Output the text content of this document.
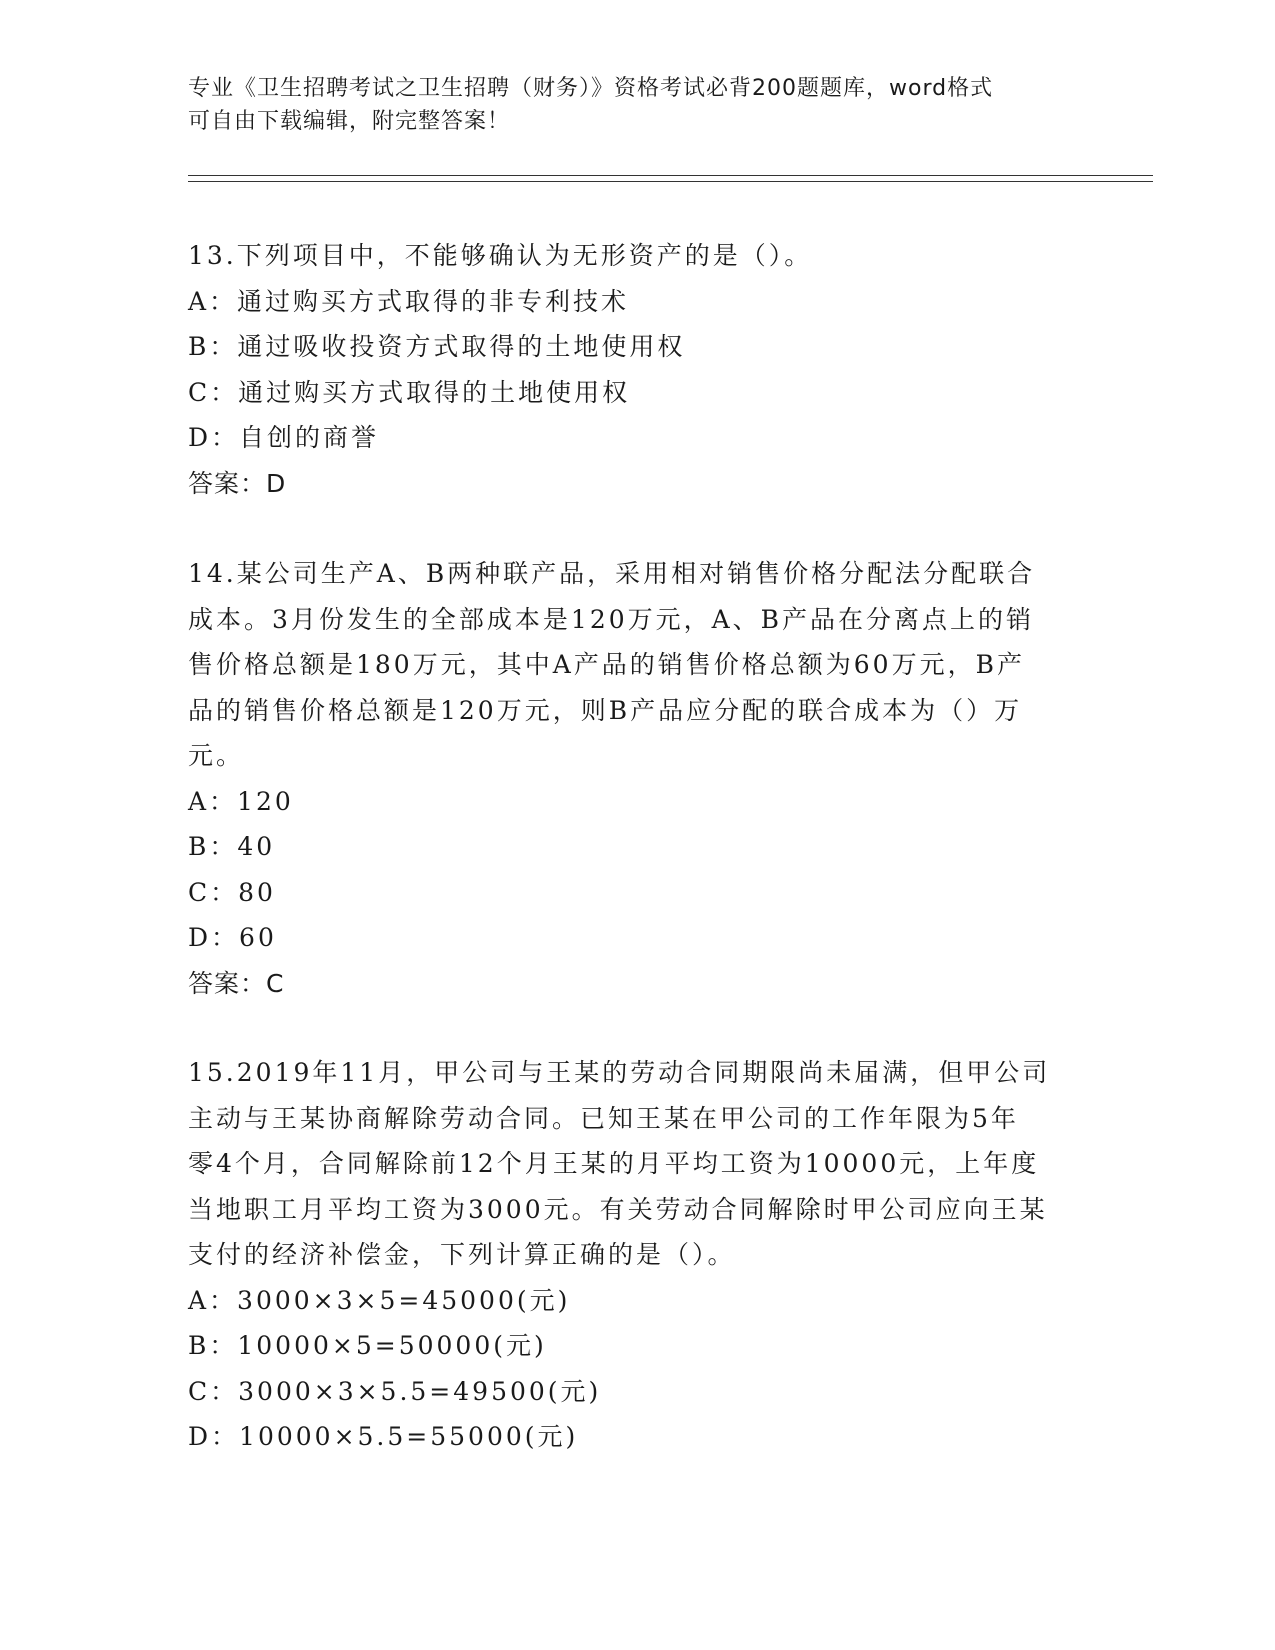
专业《卫生招聘考试之卫生招聘（财务）》资格考试必背200题题库，word格式
可自由下载编辑，附完整答案！
13.下列项目中，不能够确认为无形资产的是（）。
A：通过购买方式取得的非专利技术
B：通过吸收投资方式取得的土地使用权
C：通过购买方式取得的土地使用权
D：自创的商誉
答案：D
14.某公司生产A、B两种联产品，采用相对销售价格分配法分配联合
成本。3月份发生的全部成本是120万元，A、B产品在分离点上的销
售价格总额是180万元，其中A产品的销售价格总额为60万元，B产
品的销售价格总额是120万元，则B产品应分配的联合成本为（）万
元。
A：120
B：40
C：80
D：60
答案：C
15.2019年11月，甲公司与王某的劳动合同期限尚未届满，但甲公司
主动与王某协商解除劳动合同。已知王某在甲公司的工作年限为5年
零4个月，合同解除前12个月王某的月平均工资为10000元，上年度
当地职工月平均工资为3000元。有关劳动合同解除时甲公司应向王某
支付的经济补偿金，下列计算正确的是（）。
A：3000×3×5=45000(元)
B：10000×5=50000(元)
C：3000×3×5.5=49500(元)
D：10000×5.5=55000(元)
